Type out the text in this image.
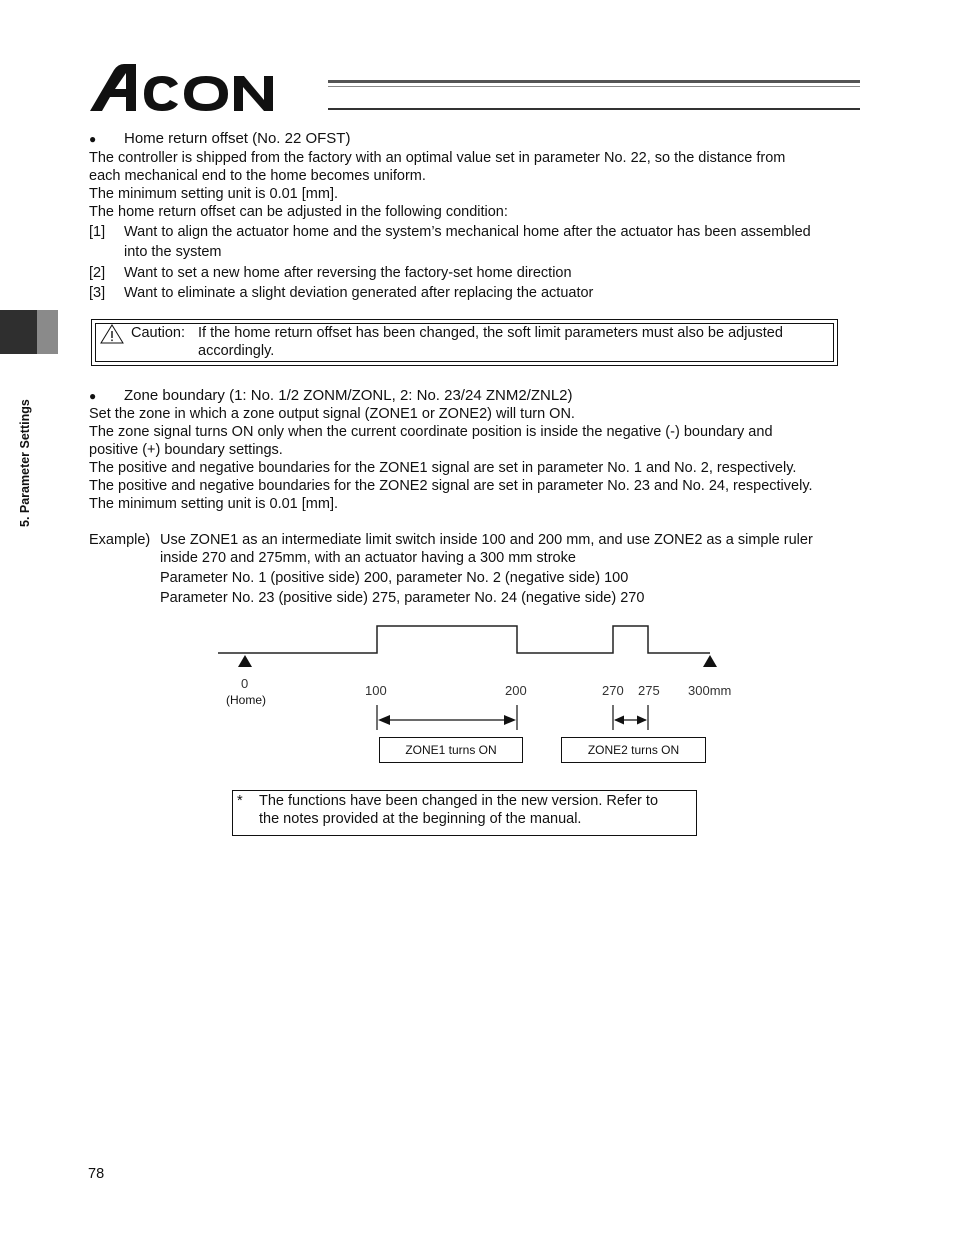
ACON
5. Parameter Settings
● Home return offset (No. 22 OFST)
The controller is shipped from the factory with an optimal value set in parameter No. 22, so the distance from
each mechanical end to the home becomes uniform.
The minimum setting unit is 0.01 [mm].
The home return offset can be adjusted in the following condition:
[1] Want to align the actuator home and the system’s mechanical home after the actuator has been assembled
into the system
[2] Want to set a new home after reversing the factory-set home direction
[3] Want to eliminate a slight deviation generated after replacing the actuator
Caution: If the home return offset has been changed, the soft limit parameters must also be adjusted
accordingly.
● Zone boundary (1: No. 1/2 ZONM/ZONL, 2: No. 23/24 ZNM2/ZNL2)
Set the zone in which a zone output signal (ZONE1 or ZONE2) will turn ON.
The zone signal turns ON only when the current coordinate position is inside the negative (-) boundary and
positive (+) boundary settings.
The positive and negative boundaries for the ZONE1 signal are set in parameter No. 1 and No. 2, respectively.
The positive and negative boundaries for the ZONE2 signal are set in parameter No. 23 and No. 24, respectively.
The minimum setting unit is 0.01 [mm].
Example) Use ZONE1 as an intermediate limit switch inside 100 and 200 mm, and use ZONE2 as a simple ruler
inside 270 and 275mm, with an actuator having a 300 mm stroke
Parameter No. 1 (positive side) 200, parameter No. 2 (negative side) 100
Parameter No. 23 (positive side) 275, parameter No. 24 (negative side) 270
0
(Home)
100	200	270 275 300mm
ZONE1 turns ON	ZONE2 turns ON
* The functions have been changed in the new version. Refer to
the notes provided at the beginning of the manual.
78
